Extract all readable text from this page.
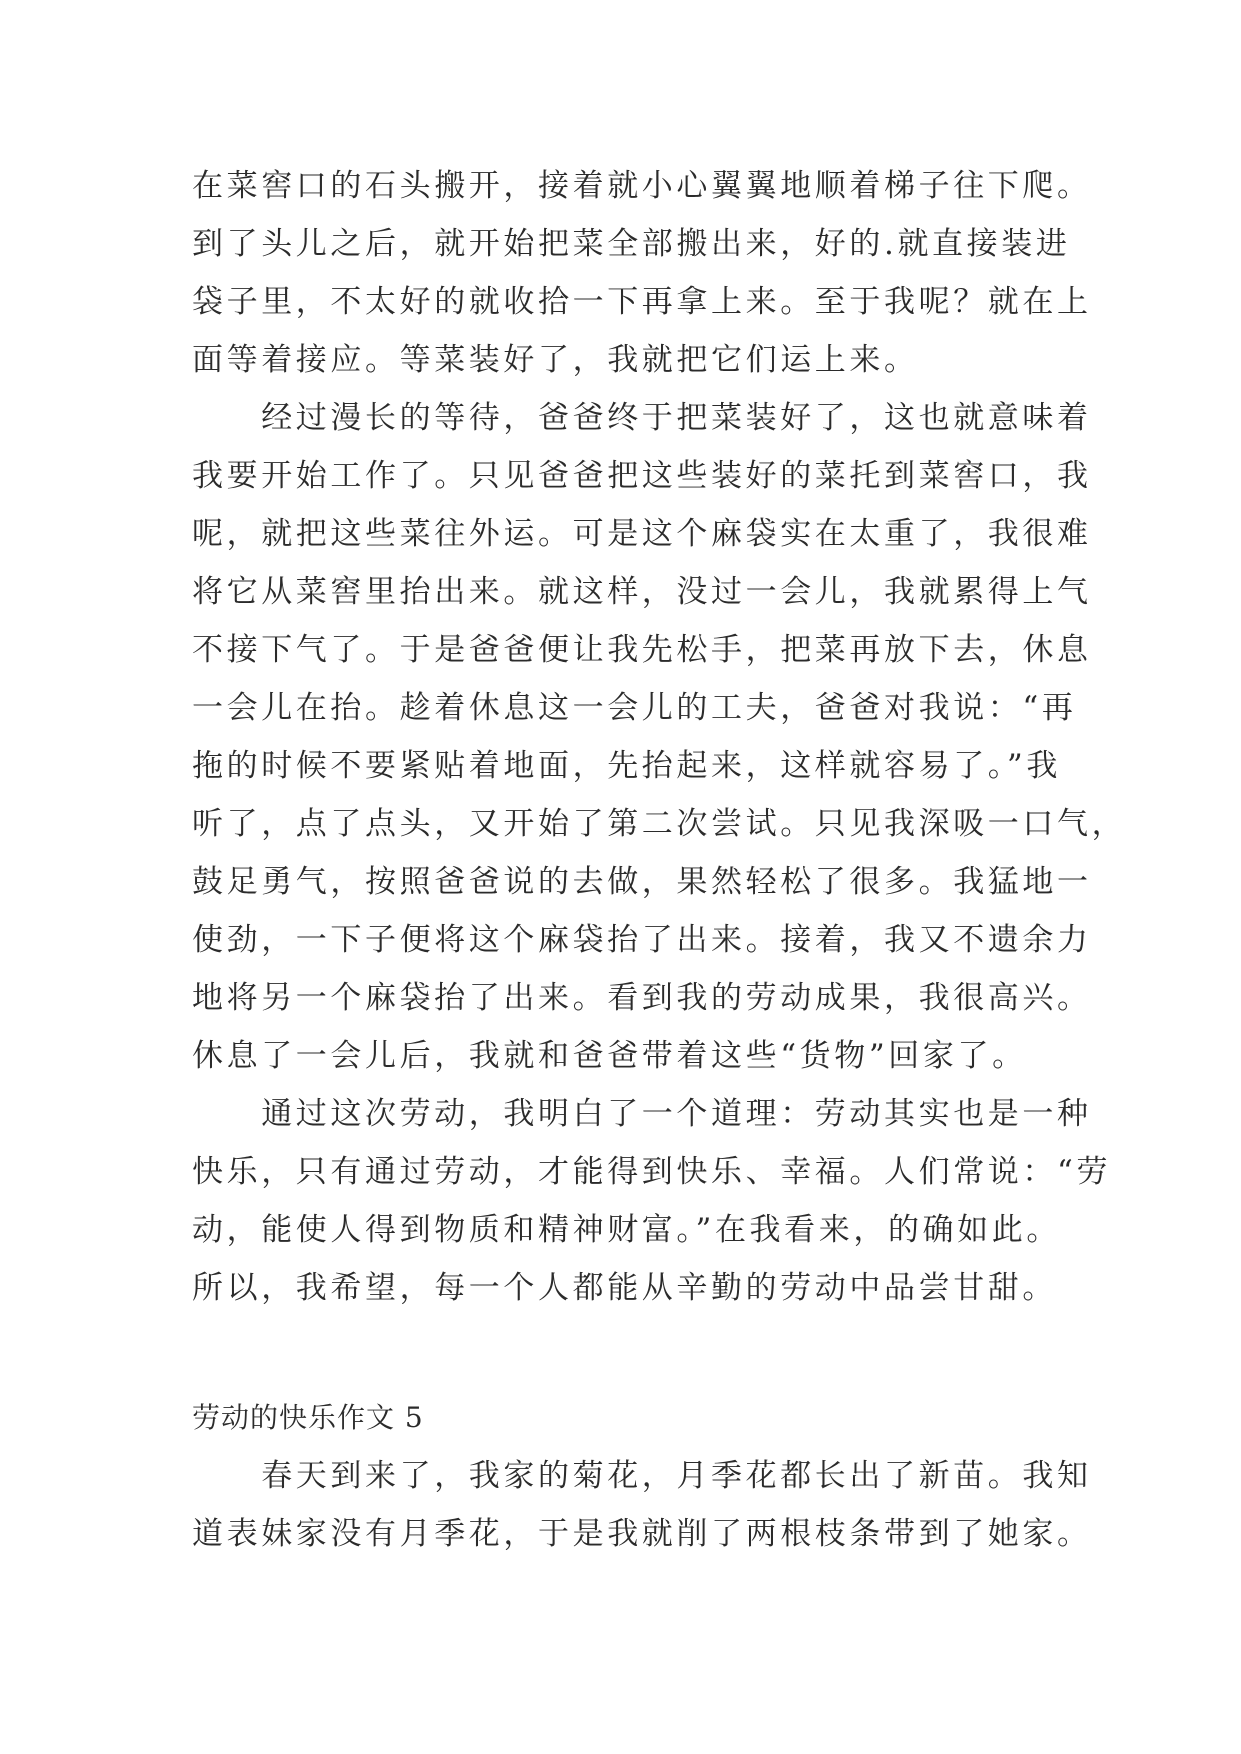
在菜窖口的石头搬开，接着就小心翼翼地顺着梯子往下爬。
到了头儿之后，就开始把菜全部搬出来，好的.就直接装进
袋子里，不太好的就收拾一下再拿上来。至于我呢？就在上
面等着接应。等菜装好了，我就把它们运上来。
　　经过漫长的等待，爸爸终于把菜装好了，这也就意味着
我要开始工作了。只见爸爸把这些装好的菜托到菜窖口，我
呢，就把这些菜往外运。可是这个麻袋实在太重了，我很难
将它从菜窖里抬出来。就这样，没过一会儿，我就累得上气
不接下气了。于是爸爸便让我先松手，把菜再放下去，休息
一会儿在抬。趁着休息这一会儿的工夫，爸爸对我说：“再
拖的时候不要紧贴着地面，先抬起来，这样就容易了。”我
听了，点了点头，又开始了第二次尝试。只见我深吸一口气，
鼓足勇气，按照爸爸说的去做，果然轻松了很多。我猛地一
使劲，一下子便将这个麻袋抬了出来。接着，我又不遗余力
地将另一个麻袋抬了出来。看到我的劳动成果，我很高兴。
休息了一会儿后，我就和爸爸带着这些“货物”回家了。
　　通过这次劳动，我明白了一个道理：劳动其实也是一种
快乐，只有通过劳动，才能得到快乐、幸福。人们常说：“劳
动，能使人得到物质和精神财富。”在我看来，的确如此。
所以，我希望，每一个人都能从辛勤的劳动中品尝甘甜。
劳动的快乐作文 5
　　春天到来了，我家的菊花，月季花都长出了新苗。我知
道表妹家没有月季花，于是我就削了两根枝条带到了她家。
